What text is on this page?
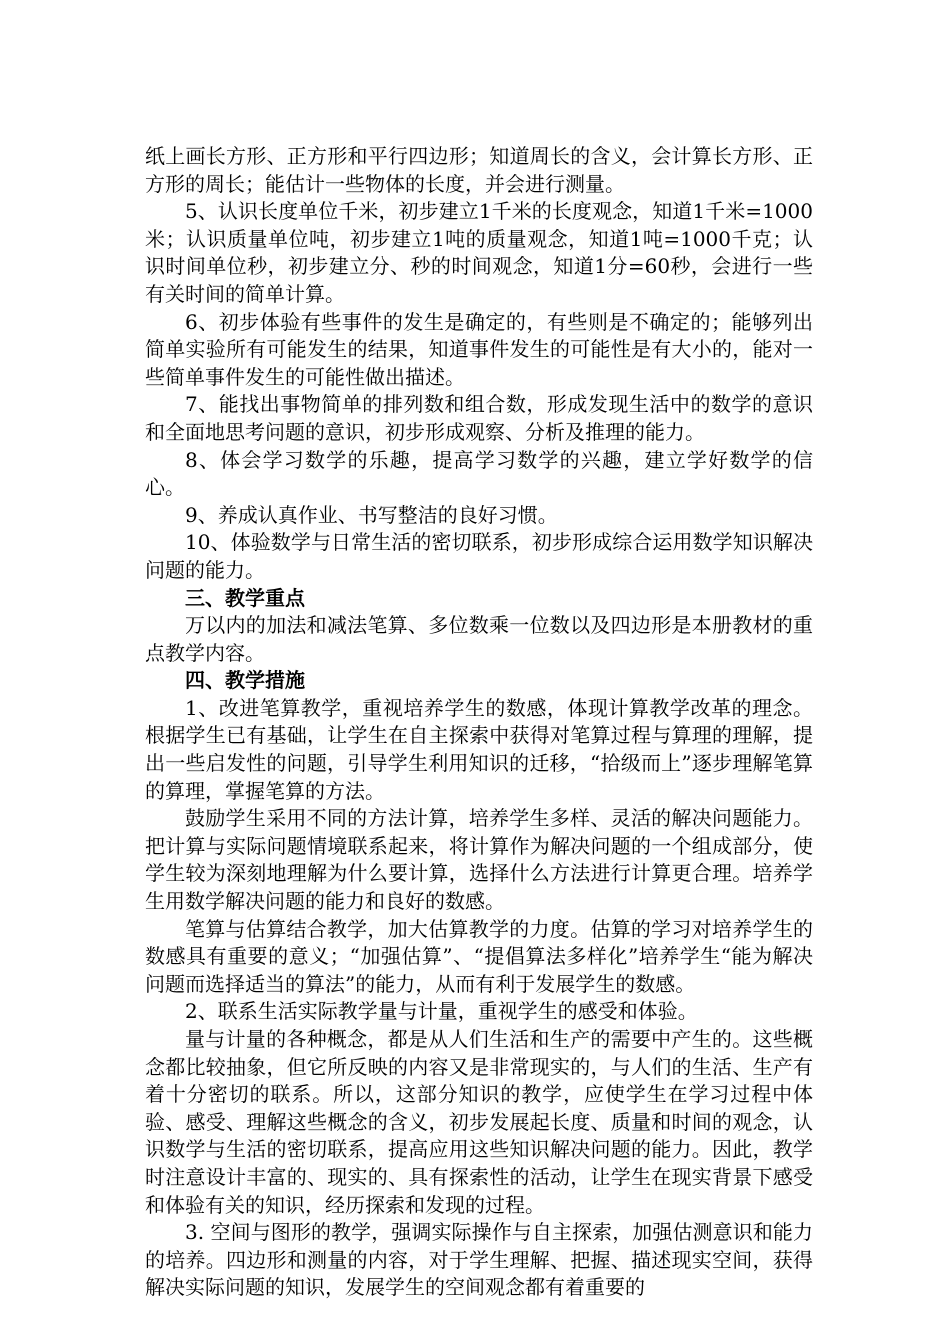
纸上画长方形、正方形和平行四边形；知道周长的含义，会计算长方形、正方形的周长；能估计一些物体的长度，并会进行测量。

5、认识长度单位千米，初步建立1千米的长度观念，知道1千米=1000米；认识质量单位吨，初步建立1吨的质量观念，知道1吨=1000千克；认识时间单位秒，初步建立分、秒的时间观念，知道1分=60秒，会进行一些有关时间的简单计算。

6、初步体验有些事件的发生是确定的，有些则是不确定的；能够列出简单实验所有可能发生的结果，知道事件发生的可能性是有大小的，能对一些简单事件发生的可能性做出描述。

7、能找出事物简单的排列数和组合数，形成发现生活中的数学的意识和全面地思考问题的意识，初步形成观察、分析及推理的能力。

8、体会学习数学的乐趣，提高学习数学的兴趣，建立学好数学的信心。

9、养成认真作业、书写整洁的良好习惯。

10、体验数学与日常生活的密切联系，初步形成综合运用数学知识解决问题的能力。

三、教学重点

万以内的加法和减法笔算、多位数乘一位数以及四边形是本册教材的重点教学内容。

四、教学措施

1、改进笔算教学，重视培养学生的数感，体现计算教学改革的理念。根据学生已有基础，让学生在自主探索中获得对笔算过程与算理的理解，提出一些启发性的问题，引导学生利用知识的迁移，“拾级而上”逐步理解笔算的算理，掌握笔算的方法。

鼓励学生采用不同的方法计算，培养学生多样、灵活的解决问题能力。把计算与实际问题情境联系起来，将计算作为解决问题的一个组成部分，使学生较为深刻地理解为什么要计算，选择什么方法进行计算更合理。培养学生用数学解决问题的能力和良好的数感。

笔算与估算结合教学，加大估算教学的力度。估算的学习对培养学生的数感具有重要的意义；“加强估算”、“提倡算法多样化”培养学生“能为解决问题而选择适当的算法”的能力，从而有利于发展学生的数感。

2、联系生活实际教学量与计量，重视学生的感受和体验。

量与计量的各种概念，都是从人们生活和生产的需要中产生的。这些概念都比较抽象，但它所反映的内容又是非常现实的，与人们的生活、生产有着十分密切的联系。所以，这部分知识的教学，应使学生在学习过程中体验、感受、理解这些概念的含义，初步发展起长度、质量和时间的观念，认识数学与生活的密切联系，提高应用这些知识解决问题的能力。因此，教学时注意设计丰富的、现实的、具有探索性的活动，让学生在现实背景下感受和体验有关的知识，经历探索和发现的过程。

3. 空间与图形的教学，强调实际操作与自主探索，加强估测意识和能力的培养。四边形和测量的内容，对于学生理解、把握、描述现实空间，获得解决实际问题的知识，发展学生的空间观念都有着重要的
